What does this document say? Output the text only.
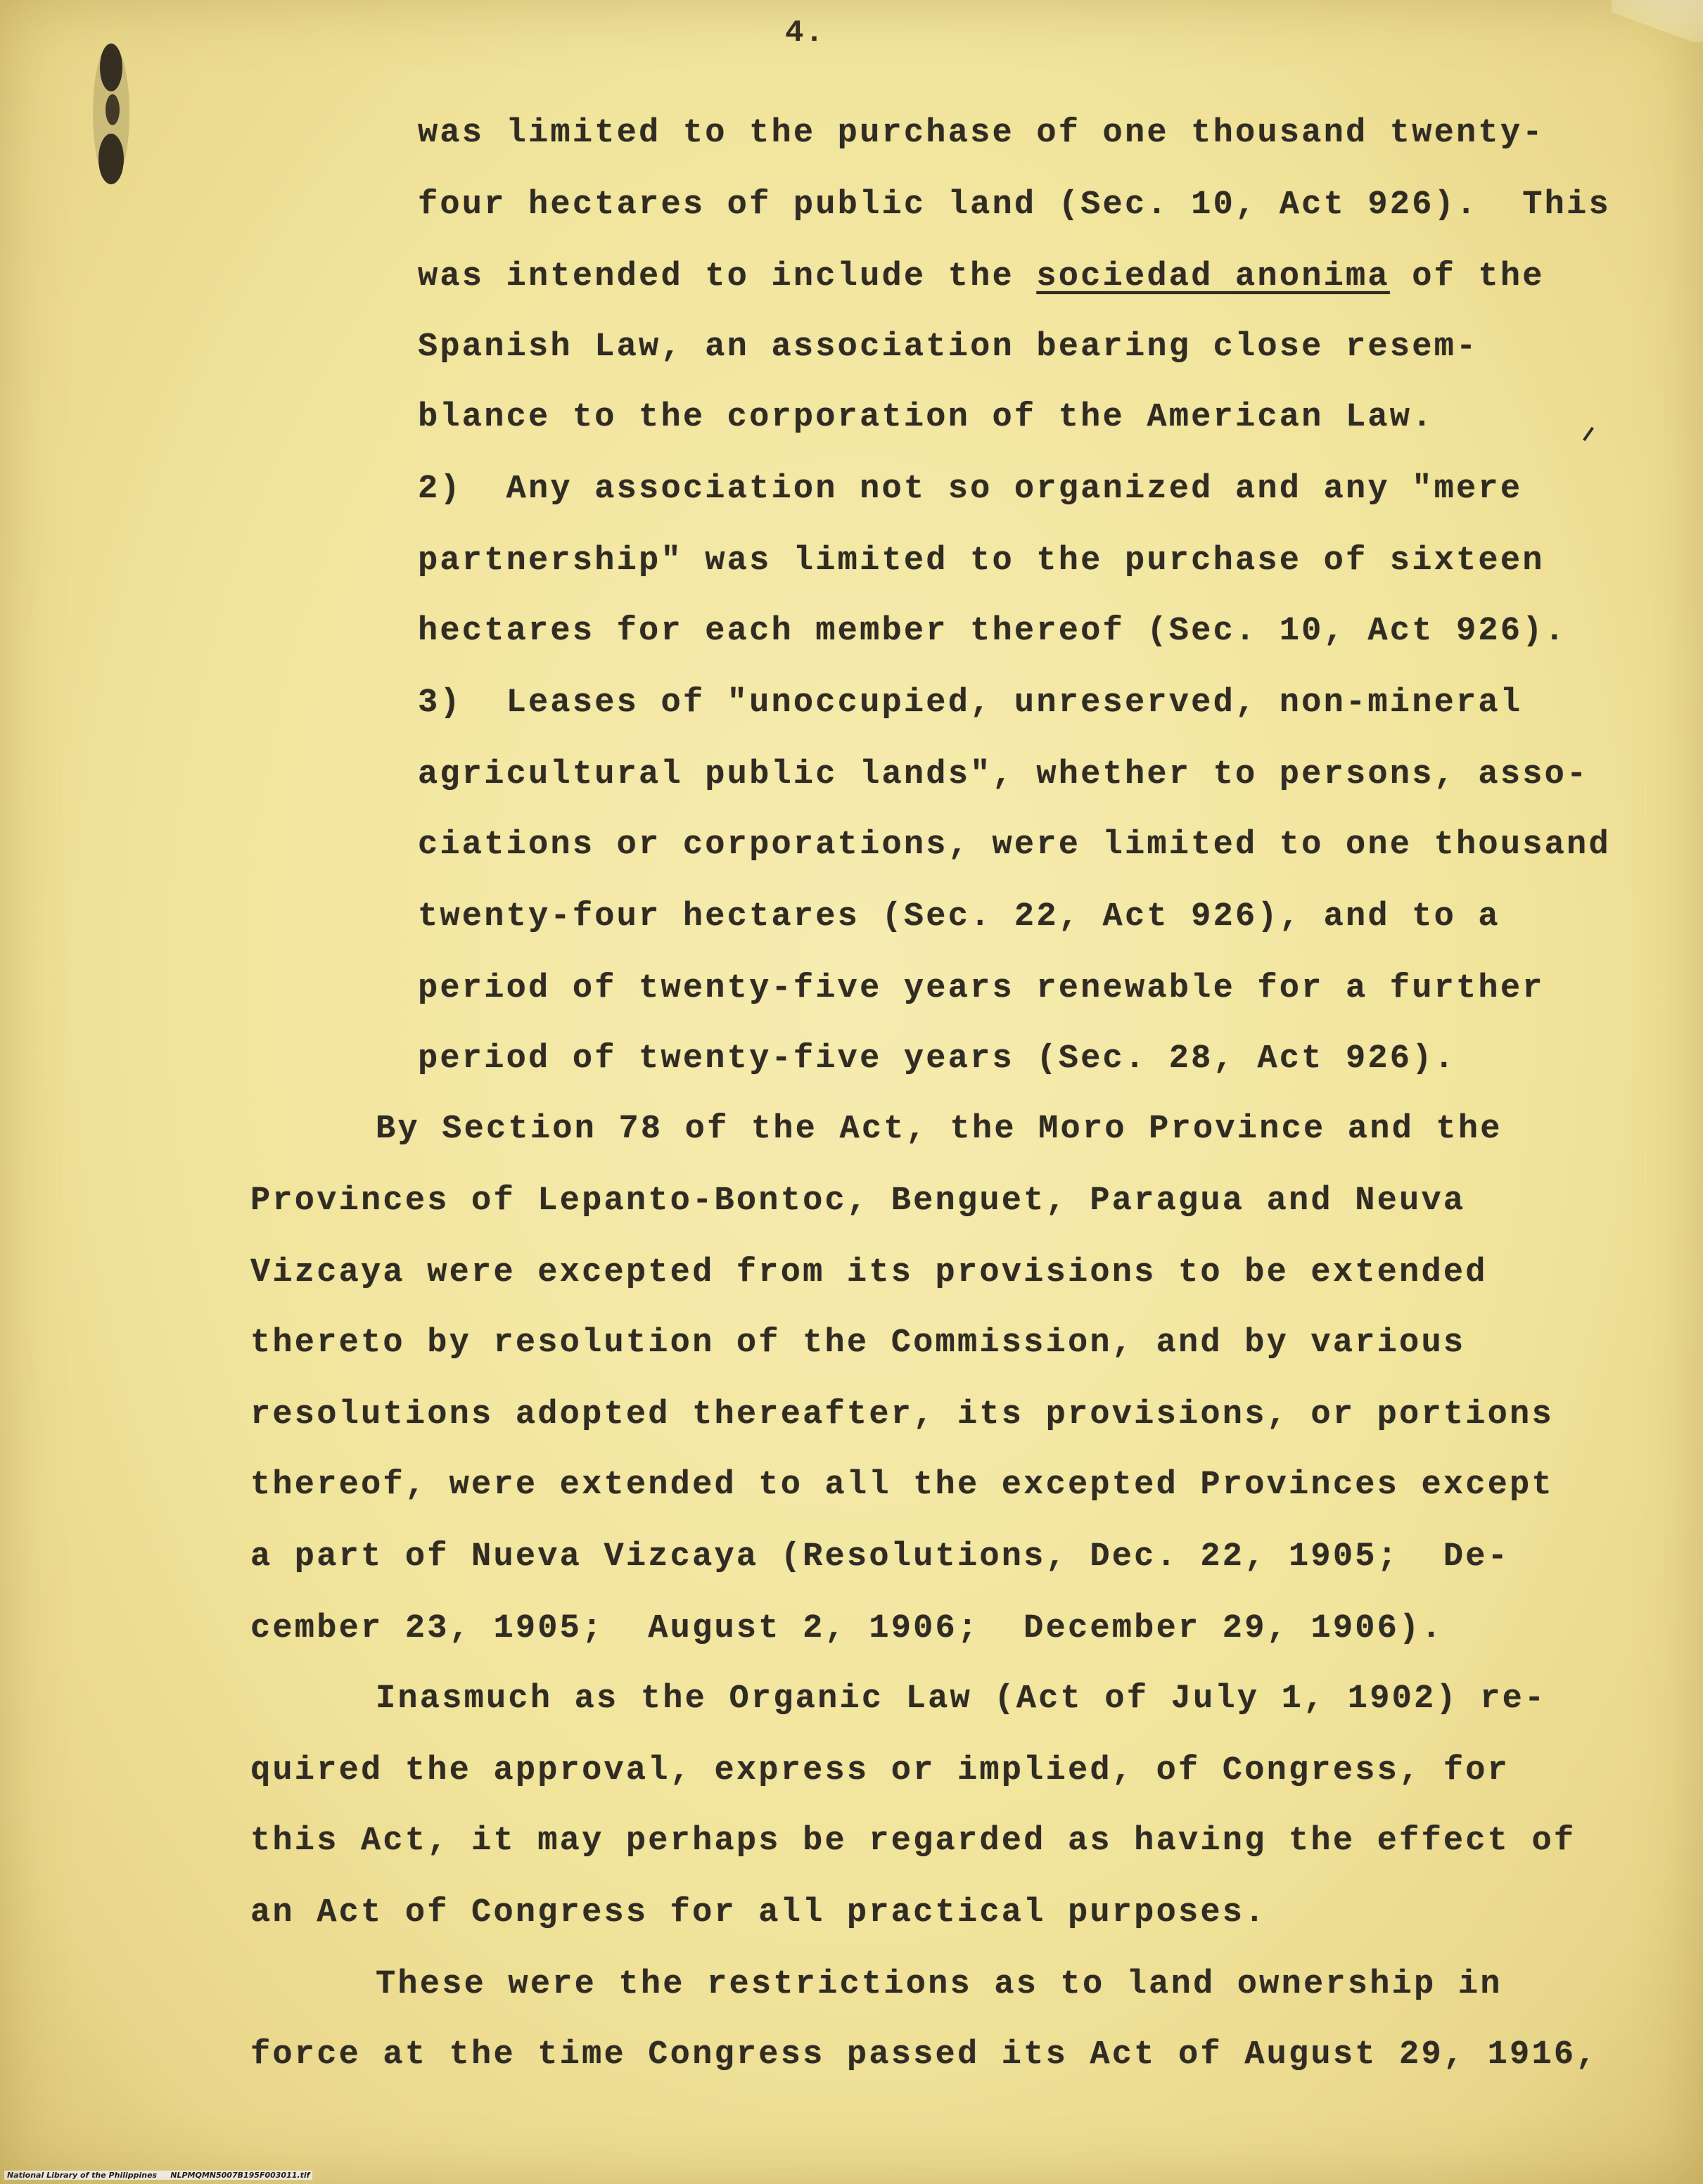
4.
was limited to the purchase of one thousand twenty-
four hectares of public land (Sec. 10, Act 926).  This
was intended to include the sociedad anonima of the
Spanish Law, an association bearing close resem-
blance to the corporation of the American Law.
2)  Any association not so organized and any "mere
partnership" was limited to the purchase of sixteen
hectares for each member thereof (Sec. 10, Act 926).
3)  Leases of "unoccupied, unreserved, non-mineral
agricultural public lands", whether to persons, asso-
ciations or corporations, were limited to one thousand
twenty-four hectares (Sec. 22, Act 926), and to a
period of twenty-five years renewable for a further
period of twenty-five years (Sec. 28, Act 926).
By Section 78 of the Act, the Moro Province and the
Provinces of Lepanto-Bontoc, Benguet, Paragua and Neuva
Vizcaya were excepted from its provisions to be extended
thereto by resolution of the Commission, and by various
resolutions adopted thereafter, its provisions, or portions
thereof, were extended to all the excepted Provinces except
a part of Nueva Vizcaya (Resolutions, Dec. 22, 1905;  De-
cember 23, 1905;  August 2, 1906;  December 29, 1906).
Inasmuch as the Organic Law (Act of July 1, 1902) re-
quired the approval, express or implied, of Congress, for
this Act, it may perhaps be regarded as having the effect of
an Act of Congress for all practical purposes.
These were the restrictions as to land ownership in
force at the time Congress passed its Act of August 29, 1916,
National Library of the Philippines NLPMQMN5007B195F003011.tif
